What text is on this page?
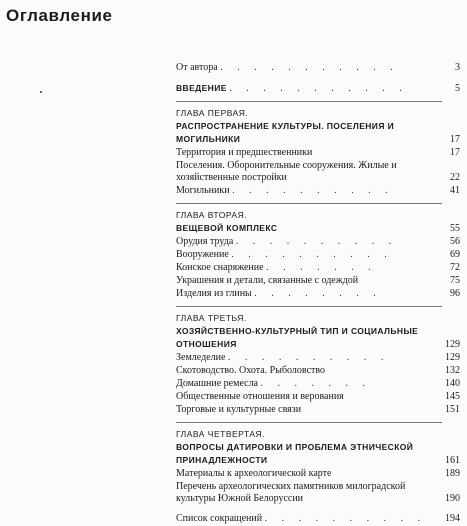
Оглавление
От автора . . . . . . . . . . .	3
ВВЕДЕНИЕ . . . . . . . . . . .	5
ГЛАВА ПЕРВАЯ.
РАСПРОСТРАНЕНИЕ КУЛЬТУРЫ. ПОСЕЛЕНИЯ И МОГИЛЬНИКИ	17
Территория и предшественники	17
Поселения. Оборонительные сооружения. Жилые и хозяйственные постройки	22
Могильники . . . . . . . . . .	41
ГЛАВА ВТОРАЯ.
ВЕЩЕВОЙ КОМПЛЕКС	55
Орудия труда . . . . . . . . . .	56
Вооружение . . . . . . . . . .	69
Конское снаряжение . . . . . . .	72
Украшения и детали, связанные с одеждой	75
Изделия из глины . . . . . . . .	96
ГЛАВА ТРЕТЬЯ.
ХОЗЯЙСТВЕННО-КУЛЬТУРНЫЙ ТИП И СОЦИАЛЬНЫЕ ОТНОШЕНИЯ	129
Земледелие . . . . . . . . . .	129
Скотоводство. Охота. Рыболовство	132
Домашние ремесла . . . . . . .	140
Общественные отношения и верования	145
Торговые и культурные связи	151
ГЛАВА ЧЕТВЕРТАЯ.
ВОПРОСЫ ДАТИРОВКИ И ПРОБЛЕМА ЭТНИЧЕСКОЙ ПРИНАДЛЕЖНОСТИ	161
Материалы к археологической карте	189
Перечень археологических памятников милоградской культуры Южной Белоруссии	190
Список сокращений . . . . . . . . . .	194
